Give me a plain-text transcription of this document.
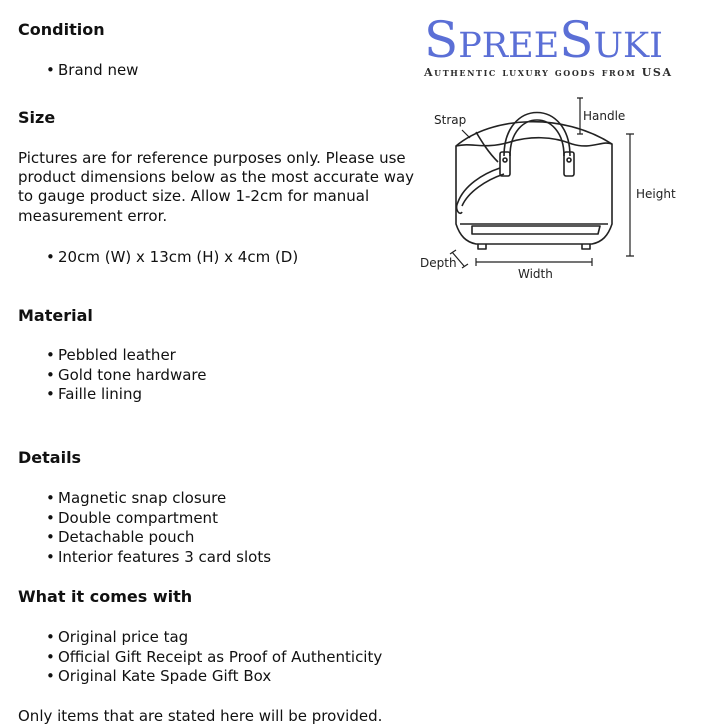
Condition
• Brand new
Size

Pictures are for reference purposes only. Please use product dimensions below as the most accurate way to gauge product size. Allow 1-2cm for manual measurement error.

• 20cm (W) x 13cm (H) x 4cm (D)
Material
• Pebbled leather
• Gold tone hardware
• Faille lining
Details
• Magnetic snap closure
• Double compartment
• Detachable pouch
• Interior features 3 card slots
What it comes with
• Original price tag
• Official Gift Receipt as Proof of Authenticity
• Original Kate Spade Gift Box

Only items that are stated here will be provided.

SpreeSuki
Authentic luxury goods from USA
Strap	Handle
Height
Depth
Width
